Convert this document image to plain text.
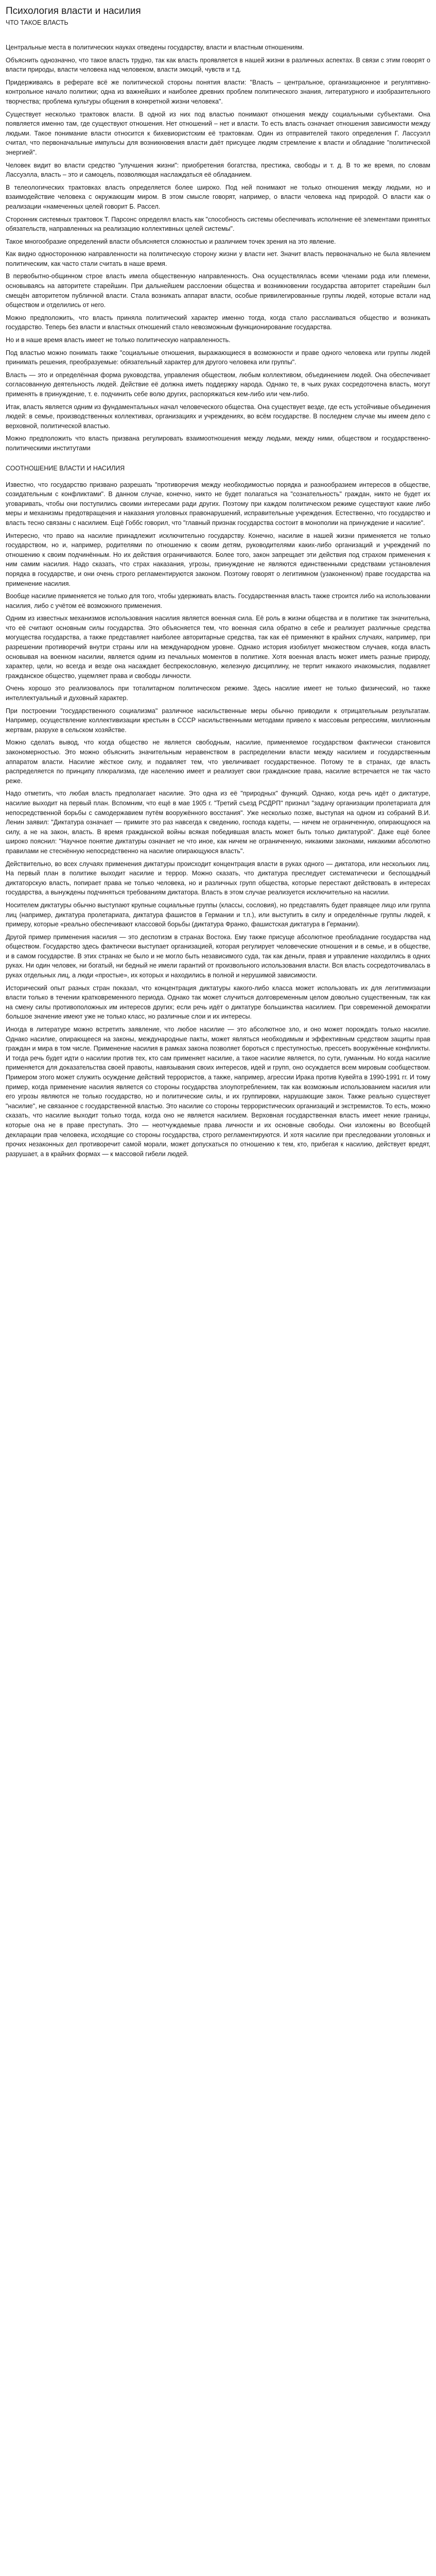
Психология власти и насилия
ЧТО ТАКОЕ ВЛАСТЬ

Центральные места в политических науках отведены государству, власти и властным отношениям.

Объяснить однозначно, что такое власть трудно, так как власть проявляется в нашей жизни в различных аспектах. В связи с этим говорят о власти природы, власти человека над человеком, власти эмоций, чувств и т.д.

Придерживаясь в реферате всё же политической стороны понятия власти: "Власть – центральное, организационное и регулятивно-контрольное начало политики; одна из важнейших и наиболее древних проблем политического знания, литературного и изобразительного творчества; проблема культуры общения в конкретной жизни человека".

Существует несколько трактовок власти. В одной из них под властью понимают отношения между социальными субъектами. Она появляется именно там, где существуют отношения. Нет отношений – нет и власти. То есть власть означает отношения зависимости между людьми. Такое понимание власти относится к бихевиористским её трактовкам. Один из отправителей такого определения Г. Лассуэлл считал, что первоначальные импульсы для возникновения власти даёт присущее людям стремление к власти и обладание "политической энергией".

Человек видит во власти средство "улучшения жизни": приобретения богатства, престижа, свободы и т. д. В то же время, по словам Лассуэлла, власть – это и самоцель, позволяющая наслаждаться её обладанием.

В телеологических трактовках власть определяется более широко. Под ней понимают не только отношения между людьми, но и взаимодействие человека с окружающим миром. В этом смысле говорят, например, о власти человека над природой. О власти как о реализации «намеченных целей говорит Б. Рассел.

Сторонник системных трактовок Т. Парсонс определял власть как "способность системы обеспечивать исполнение её элементами принятых обязательств, направленных на реализацию коллективных целей системы".

Такое многообразие определений власти объясняется сложностью и различием точек зрения на это явление.

Как видно одностороннюю направленности на политическую сторону жизни у власти нет. Значит власть первоначально не была явлением политическим, как часто стали считать в наше время.

В первобытно-общинном строе власть имела общественную направленность. Она осуществлялась всеми членами рода или племени, основываясь на авторитете старейшин. При дальнейшем расслоении общества и возникновении государства авторитет старейшин был смещён авторитетом публичной власти. Стала возникать аппарат власти, особые привилегированные группы людей, которые встали над обществом и отделились от него.

Можно предположить, что власть приняла политический характер именно тогда, когда стало расслаиваться общество и возникать государство. Теперь без власти и властных отношений стало невозможным функционирование государства.

Но и в наше время власть имеет не только политическую направленность.

Под властью можно понимать также "социальные отношения, выражающиеся в возможности и праве одного человека или группы людей принимать решения, преобразуемые: обязательный характер для другого человека или группы".

Власть — это и определённая форма руководства, управления обществом, любым коллективом, объединением людей. Она обеспечивает согласованную деятельность людей. Действие её должна иметь поддержку народа. Однако те, в чьих руках сосредоточена власть, могут применять в принуждение, т. е. подчинить себе волю других, распоряжаться кем-либо или чем-либо.

Итак, власть является одним из фундаментальных начал человеческого общества. Она существует везде, где есть устойчивые объединения людей: в семье, производственных коллективах, организациях и учреждениях, во всём государстве. В последнем случае мы имеем дело с верховной, политической властью.

Можно предположить что власть призвана регулировать взаимоотношения между людьми, между ними, обществом и государственно-политическими институтами

СООТНОШЕНИЕ ВЛАСТИ И НАСИЛИЯ

Известно, что государство призвано разрешать "противоречия между необходимостью порядка и разнообразием интересов в обществе, созидательным с конфликтами". В данном случае, конечно, никто не будет полагаться на "сознательность" граждан, никто не будет их уговаривать, чтобы они поступились своими интересами ради других. Поэтому при каждом политическом режиме существуют какие либо меры и механизмы предотвращения и наказания уголовных правонарушений, исправительные учреждения. Естественно, что государство и власть тесно связаны с насилием. Ещё Гоббс говорил, что "главный признак государства состоит в монополии на принуждение и насилие".

Интересно, что право на насилие принадлежит исключительно государству. Конечно, насилие в нашей жизни применяется не только государством, но и, например, родителями по отношению к своим детям, руководителями каких-либо организаций и учреждений по отношению к своим подчинённым. Но их действия ограничиваются. Более того, закон запрещает эти действия под страхом применения к ним самим насилия. Надо сказать, что страх наказания, угрозы, принуждение не являются единственными средствами установления порядка в государстве, и они очень строго регламентируются законом. Поэтому говорят о легитимном (узаконенном) праве государства на применение насилия.

Вообще насилие применяется не только для того, чтобы удерживать власть. Государственная власть также строится либо на использовании насилия, либо с учётом её возможного применения.

Одним из известных механизмов использования насилия является военная сила. Её роль в жизни общества и в политике так значительна, что её считают основным силы государства. Это объясняется тем, что военная сила обратно в себе и реализует различные средства могущества государства, а также представляет наиболее авторитарные средства, так как её применяют в крайних случаях, например, при разрешении противоречий внутри страны или на международном уровне. Однако история изобилует множеством случаев, когда власть основывая на военном насилии, является одним из печальных моментов в политике. Хотя военная власть может иметь разные природу, характер, цели, но всегда и везде она насаждает беспрекословную, железную дисциплину, не терпит никакого инакомыслия, подавляет гражданское общество, ущемляет права и свободы личности.

Очень хорошо это реализовалось при тоталитарном политическом режиме. Здесь насилие имеет не только физический, но также интеллектуальный и духовный характер.

При построении "государственного социализма" различное насильственные меры обычно приводили к отрицательным результатам. Например, осуществление коллективизации крестьян в СССР насильственными методами привело к массовым репрессиям, миллионным жертвам, разрухе в сельском хозяйстве.

Можно сделать вывод, что когда общество не является свободным, насилие, применяемое государством фактически становится закономерностью. Это можно объяснить значительным неравенством в распределении власти между насилием и государственным аппаратом власти. Насилие жёсткое силу, и подавляет тем, что увеличивает государственное. Потому те в странах, где власть распределяется по принципу плюрализма, где населению имеет и реализует свои гражданские права, насилие встречается не так часто реже.

Надо отметить, что любая власть предполагает насилие. Это одна из её "природных" функций. Однако, когда речь идёт о диктатуре, насилие выходит на первый план. Вспомним, что ещё в мае 1905 г. "Третий съезд РСДРП" признал "задачу организации пролетариата для непосредственной борьбы с самодержавием путём вооружённого восстания". Уже несколько позже, выступая на одном из собраний В.И. Ленин заявил: "Диктатура означает — примите это раз навсегда к сведению, господа кадеты, — ничем не ограниченную, опирающуюся на силу, а не на закон, власть. В время гражданской войны всякая победившая власть может быть только диктатурой". Даже ещё более широко пояснил: "Научное понятие диктатуры означает не что иное, как ничем не ограниченную, никакими законами, никакими абсолютно правилами не стеснённую непосредственно на насилие опирающуюся власть".

Действительно, во всех случаях применения диктатуры происходит концентрация власти в руках одного — диктатора, или нескольких лиц. На первый план в политике выходит насилие и террор. Можно сказать, что диктатура преследует систематически и беспощадный диктаторскую власть, попирает права не только человека, но и различных групп общества, которые перестают действовать в интересах государства, а вынуждены подчиняться требованиям диктатора. Власть в этом случае реализуется исключительно на насилии.

Носителем диктатуры обычно выступают крупные социальные группы (классы, сословия), но представлять будет правящее лицо или группа лиц (например, диктатура пролетариата, диктатура фашистов в Германии и т.п.), или выступить в силу и определённые группы людей, к примеру, которые «реально обеспечивают классовой борьбы (диктатура Франко, фашистская диктатура в Германии).

Другой пример применения насилия — это деспотизм в странах Востока. Ему также присуще абсолютное преобладание государства над обществом. Государство здесь фактически выступает организацией, которая регулирует человеческие отношения и в семье, и в обществе, и в самом государстве. В этих странах не было и не могло быть независимого суда, так как деньги, правя и управление находились в одних руках. Ни один человек, ни богатый, ни бедный не имели гарантий от произвольного использования власти. Вся власть сосредоточивалась в руках отдельных лиц, а люди «простые», их которых и находились в полной и нерушимой зависимости.

Исторический опыт разных стран показал, что концентрация диктатуры какого-либо класса может использовать их для легитимизации власти только в течении кратковременного периода. Однако так может случиться долговременным целом довольно существенным, так как на смену силы противоположных им интересов других; если речь идёт о диктатуре большинства насилием. При современной демократии большое значение имеют уже не только класс, но различные слои и их интересы.

Иногда в литературе можно встретить заявление, что любое насилие — это абсолютное зло, и оно может порождать только насилие. Однако насилие, опирающееся на законы, международные пакты, может являться необходимым и эффективным средством защиты прав граждан и мира в том числе. Применение насилия в рамках закона позволяет бороться с преступностью, прессеть вооружённые конфликты. И тогда речь будет идти о насилии против тех, кто сам применяет насилие, а такое насилие является, по сути, гуманным. Но когда насилие применяется для доказательства своей правоты, навязывания своих интересов, идей и групп, оно осуждается всем мировым сообществом. Примером этого может служить осуждение действий террористов, а также, например, агрессии Ирака против Кувейта в 1990-1991 гг. И тому пример, когда применение насилия является со стороны государства злоупотреблением, так как возможным использованием насилия или его угрозы являются не только государство, но и политические силы, и их группировки, нарушающие закон. Также реально существует "насилие", не связанное с государственной властью. Это насилие со стороны террористических организаций и экстремистов. То есть, можно сказать, что насилие выходит только тогда, когда оно не является насилием. Верховная государственная власть имеет некие границы, которые она не в праве преступать. Это — неотчуждаемые права личности и их основные свободы. Они изложены во Всеобщей декларации прав человека, исходящие со стороны государства, строго регламентируются. И хотя насилие при преследовании уголовных и прочих незаконных дел противоречит самой морали, может допускаться по отношению к тем, кто, прибегая к насилию, действует вредят, разрушает, а в крайних формах — к массовой гибели людей.
